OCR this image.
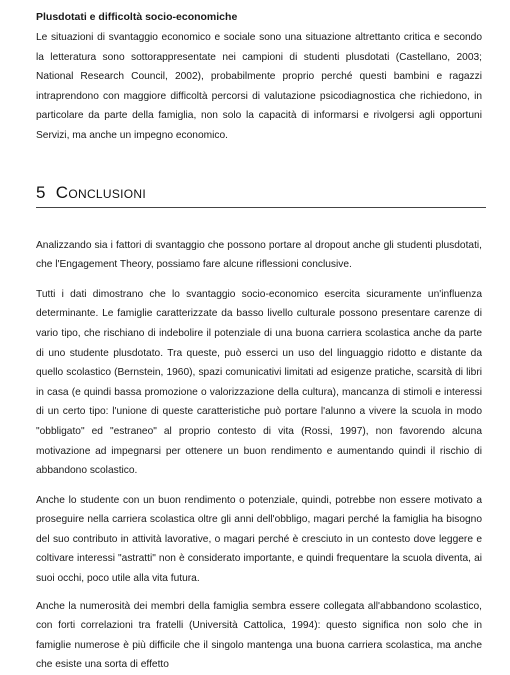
Plusdotati e difficoltà socio-economiche

Le situazioni di svantaggio economico e sociale sono una situazione altrettanto critica e secondo la letteratura sono sottorappresentate nei campioni di studenti plusdotati (Castellano, 2003; National Research Council, 2002), probabilmente proprio perché questi bambini e ragazzi intraprendono con maggiore difficoltà percorsi di valutazione psicodiagnostica che richiedono, in particolare da parte della famiglia, non solo la capacità di informarsi e rivolgersi agli opportuni Servizi, ma anche un impegno economico.

5 Conclusioni

Analizzando sia i fattori di svantaggio che possono portare al dropout anche gli studenti plusdotati, che l'Engagement Theory, possiamo fare alcune riflessioni conclusive.

Tutti i dati dimostrano che lo svantaggio socio-economico esercita sicuramente un'influenza determinante. Le famiglie caratterizzate da basso livello culturale possono presentare carenze di vario tipo, che rischiano di indebolire il potenziale di una buona carriera scolastica anche da parte di uno studente plusdotato. Tra queste, può esserci un uso del linguaggio ridotto e distante da quello scolastico (Bernstein, 1960), spazi comunicativi limitati ad esigenze pratiche, scarsità di libri in casa (e quindi bassa promozione o valorizzazione della cultura), mancanza di stimoli e interessi di un certo tipo: l'unione di queste caratteristiche può portare l'alunno a vivere la scuola in modo "obbligato" ed "estraneo" al proprio contesto di vita (Rossi, 1997), non favorendo alcuna motivazione ad impegnarsi per ottenere un buon rendimento e aumentando quindi il rischio di abbandono scolastico.

Anche lo studente con un buon rendimento o potenziale, quindi, potrebbe non essere motivato a proseguire nella carriera scolastica oltre gli anni dell'obbligo, magari perché la famiglia ha bisogno del suo contributo in attività lavorative, o magari perché è cresciuto in un contesto dove leggere e coltivare interessi "astratti" non è considerato importante, e quindi frequentare la scuola diventa, ai suoi occhi, poco utile alla vita futura.

Anche la numerosità dei membri della famiglia sembra essere collegata all'abbandono scolastico, con forti correlazioni tra fratelli (Università Cattolica, 1994): questo significa non solo che in famiglie numerose è più difficile che il singolo mantenga una buona carriera scolastica, ma anche che esiste una sorta di effetto
